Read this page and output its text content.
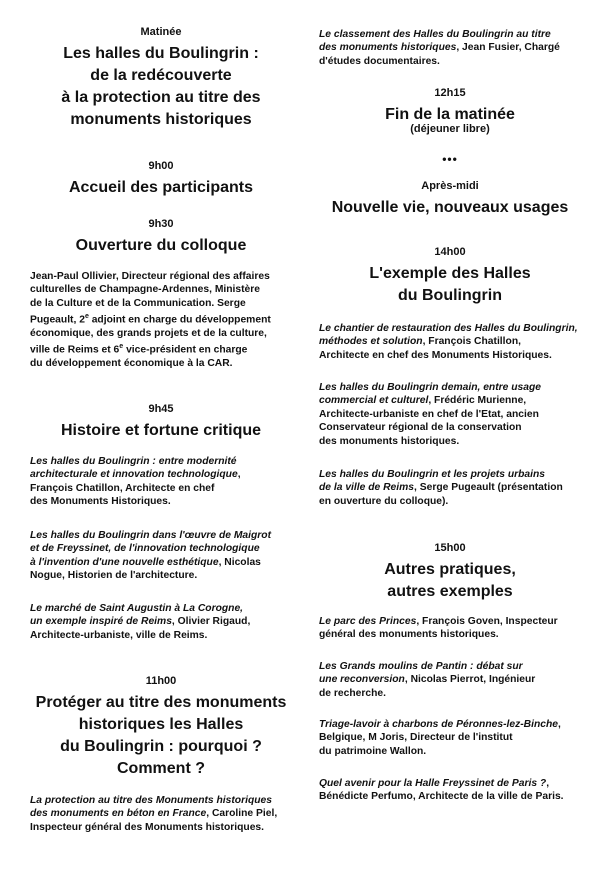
Matinée
Les halles du Boulingrin :
de la redécouverte
à la protection au titre des
monuments historiques
9h00
Accueil des participants
9h30
Ouverture du colloque
Jean-Paul Ollivier, Directeur régional des affaires
culturelles de Champagne-Ardennes, Ministère
de la Culture et de la Communication. Serge
Pugeault, 2e adjoint en charge du développement
économique, des grands projets et de la culture,
ville de Reims et 6e vice-président en charge
du développement économique à la CAR.
9h45
Histoire et fortune critique
Les halles du Boulingrin : entre modernité
architecturale et innovation technologique,
François Chatillon, Architecte en chef
des Monuments Historiques.
Les halles du Boulingrin dans l'œuvre de Maigrot
et de Freyssinet, de l'innovation technologique
à l'invention d'une nouvelle esthétique, Nicolas
Nogue, Historien de l'architecture.
Le marché de Saint Augustin à La Corogne,
un exemple inspiré de Reims, Olivier Rigaud,
Architecte-urbaniste, ville de Reims.
11h00
Protéger au titre des monuments
historiques les Halles
du Boulingrin : pourquoi ?
Comment ?
La protection au titre des Monuments historiques
des monuments en béton en France, Caroline Piel,
Inspecteur général des Monuments historiques.
Le classement des Halles du Boulingrin au titre
des monuments historiques, Jean Fusier, Chargé
d'études documentaires.
12h15
Fin de la matinée
(déjeuner libre)
•••
Après-midi
Nouvelle vie, nouveaux usages
14h00
L'exemple des Halles
du Boulingrin
Le chantier de restauration des Halles du Boulingrin,
méthodes et solution, François Chatillon,
Architecte en chef des Monuments Historiques.
Les halles du Boulingrin demain, entre usage
commercial et culturel, Frédéric Murienne,
Architecte-urbaniste en chef de l'Etat, ancien
Conservateur régional de la conservation
des monuments historiques.
Les halles du Boulingrin et les projets urbains
de la ville de Reims, Serge Pugeault (présentation
en ouverture du colloque).
15h00
Autres pratiques,
autres exemples
Le parc des Princes, François Goven, Inspecteur
général des monuments historiques.
Les Grands moulins de Pantin : débat sur
une reconversion, Nicolas Pierrot, Ingénieur
de recherche.
Triage-lavoir à charbons de Péronnes-lez-Binche,
Belgique, M Joris, Directeur de l'institut
du patrimoine Wallon.
Quel avenir pour la Halle Freyssinet de Paris ?,
Bénédicte Perfumo, Architecte de la ville de Paris.
